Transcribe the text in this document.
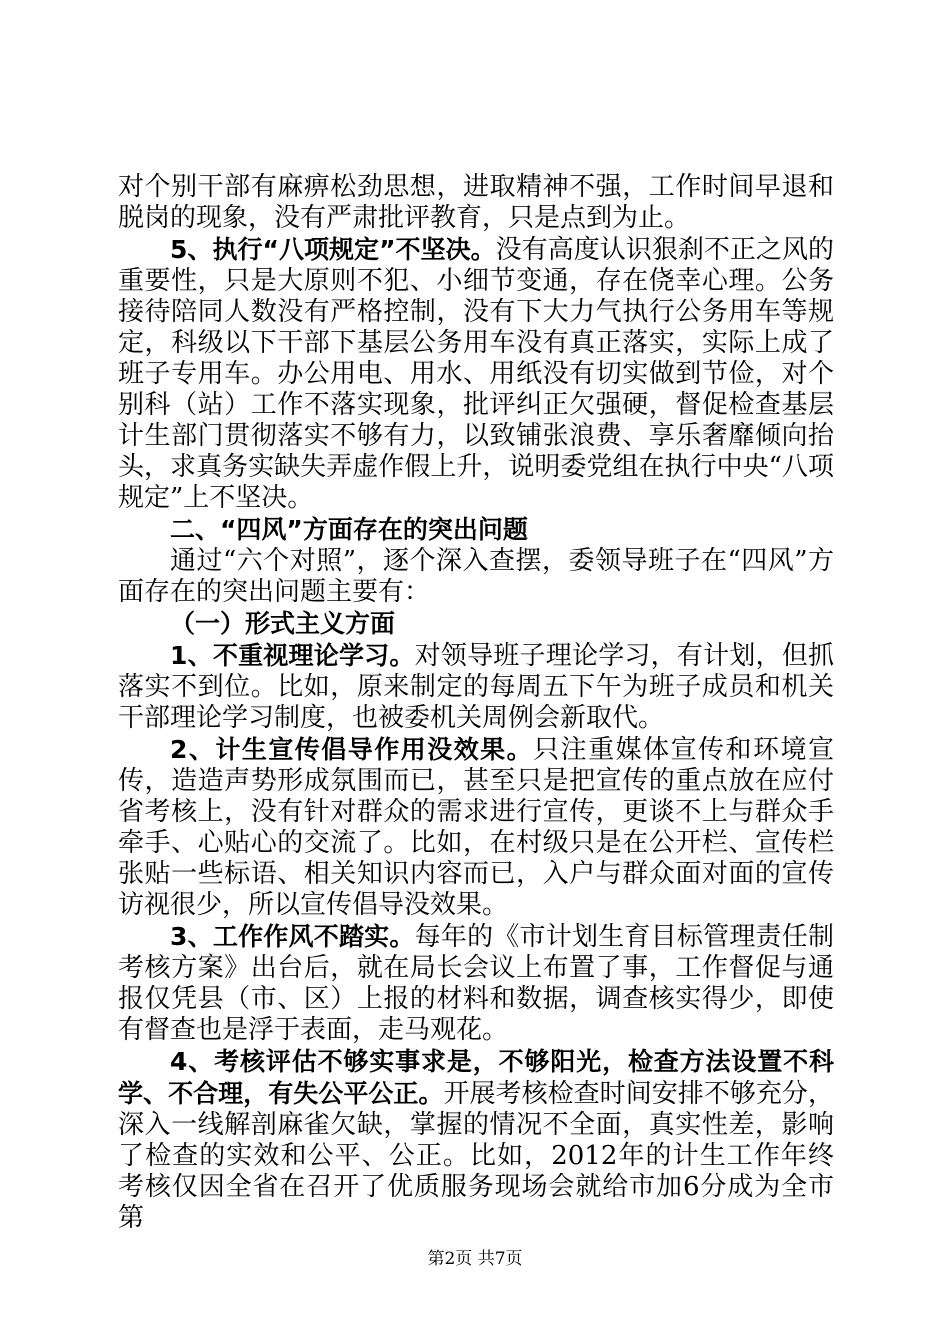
对个别干部有麻痹松劲思想，进取精神不强，工作时间早退和脱岗的现象，没有严肃批评教育，只是点到为止。

5、执行“八项规定”不坚决。没有高度认识狠刹不正之风的重要性，只是大原则不犯、小细节变通，存在侥幸心理。公务接待陪同人数没有严格控制，没有下大力气执行公务用车等规定，科级以下干部下基层公务用车没有真正落实，实际上成了班子专用车。办公用电、用水、用纸没有切实做到节俭，对个别科（站）工作不落实现象，批评纠正欠强硬，督促检查基层计生部门贯彻落实不够有力，以致铺张浪费、享乐奢靡倾向抬头，求真务实缺失弄虚作假上升，说明委党组在执行中央“八项规定”上不坚决。

二、“四风”方面存在的突出问题

通过“六个对照”，逐个深入查摆，委领导班子在“四风”方面存在的突出问题主要有：

（一）形式主义方面

1、不重视理论学习。对领导班子理论学习，有计划，但抓落实不到位。比如，原来制定的每周五下午为班子成员和机关干部理论学习制度，也被委机关周例会新取代。

2、计生宣传倡导作用没效果。只注重媒体宣传和环境宣传，造造声势形成氛围而已，甚至只是把宣传的重点放在应付省考核上，没有针对群众的需求进行宣传，更谈不上与群众手牵手、心贴心的交流了。比如，在村级只是在公开栏、宣传栏张贴一些标语、相关知识内容而已，入户与群众面对面的宣传访视很少，所以宣传倡导没效果。

3、工作作风不踏实。每年的《市计划生育目标管理责任制考核方案》出台后，就在局长会议上布置了事，工作督促与通报仅凭县（市、区）上报的材料和数据，调查核实得少，即使有督查也是浮于表面，走马观花。

4、考核评估不够实事求是，不够阳光，检查方法设置不科学、不合理，有失公平公正。开展考核检查时间安排不够充分，深入一线解剖麻雀欠缺，掌握的情况不全面，真实性差，影响了检查的实效和公平、公正。比如，2012年的计生工作年终考核仅因全省在召开了优质服务现场会就给市加6分成为全市第

第2页 共7页
